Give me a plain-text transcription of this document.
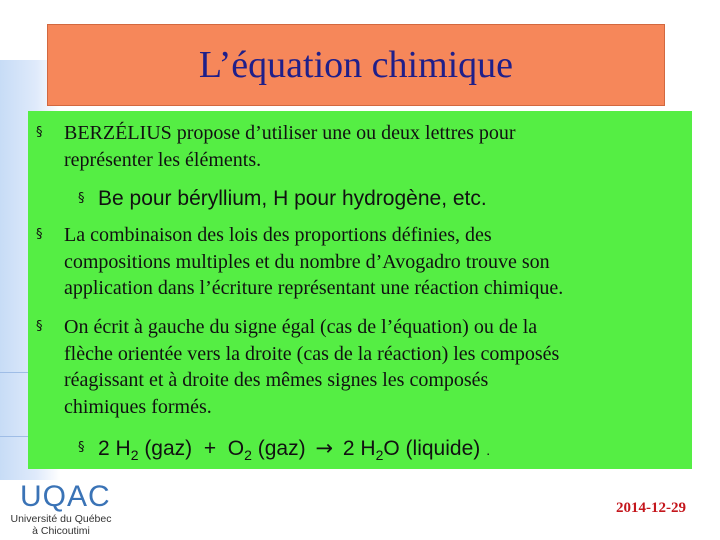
L’équation chimique
§	BERZÉLIUS propose d’utiliser une ou deux lettres pour
représenter les éléments.
§ Be pour béryllium, H pour hydrogène, etc.
§	La combinaison des lois des proportions définies, des
compositions multiples et du nombre d’Avogadro trouve son
application dans l’écriture représentant une réaction chimique.
§	On écrit à gauche du signe égal (cas de l’équation) ou de la
flèche orientée vers la droite (cas de la réaction) les composés
réagissant et à droite des mêmes signes les composés
chimiques formés.
§ 2 $H_2$ $(gaz) + O_2$ (gaz) → 2 $H_2O$ (liquide) .
UQAC
Université du Québec
à Chicoutimi
2014-12-29
